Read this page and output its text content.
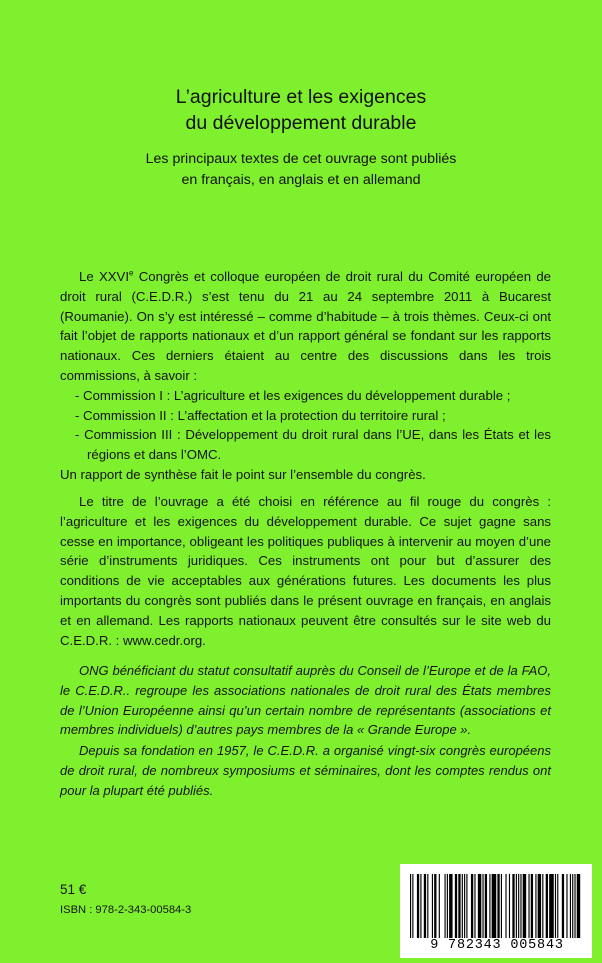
L’agriculture et les exigences
du développement durable
Les principaux textes de cet ouvrage sont publiés
en français, en anglais et en allemand

Le XXVIe Congrès et colloque européen de droit rural du Comité européen de droit rural (C.E.D.R.) s’est tenu du 21 au 24 septembre 2011 à Bucarest (Roumanie). On s’y est intéressé – comme d’habitude – à trois thèmes. Ceux-ci ont fait l’objet de rapports nationaux et d’un rapport général se fondant sur les rapports nationaux. Ces derniers étaient au centre des discussions dans les trois commissions, à savoir :

- Commission I : L’agriculture et les exigences du développement durable ;
- Commission II : L’affectation et la protection du territoire rural ;
- Commission III : Développement du droit rural dans l’UE, dans les États et les régions et dans l’OMC.

Un rapport de synthèse fait le point sur l’ensemble du congrès.

Le titre de l’ouvrage a été choisi en référence au fil rouge du congrès : l’agriculture et les exigences du développement durable. Ce sujet gagne sans cesse en importance, obligeant les politiques publiques à intervenir au moyen d’une série d’instruments juridiques. Ces instruments ont pour but d’assurer des conditions de vie acceptables aux générations futures. Les documents les plus importants du congrès sont publiés dans le présent ouvrage en français, en anglais et en allemand. Les rapports nationaux peuvent être consultés sur le site web du C.E.D.R. : www.cedr.org.

ONG bénéficiant du statut consultatif auprès du Conseil de l’Europe et de la FAO, le C.E.D.R.. regroupe les associations nationales de droit rural des États membres de l’Union Européenne ainsi qu’un certain nombre de représentants (associations et membres individuels) d’autres pays membres de la « Grande Europe ».

Depuis sa fondation en 1957, le C.E.D.R. a organisé vingt-six congrès européens de droit rural, de nombreux symposiums et séminaires, dont les comptes rendus ont pour la plupart été publiés.

51 €
ISBN : 978-2-343-00584-3
9 782343 005843
